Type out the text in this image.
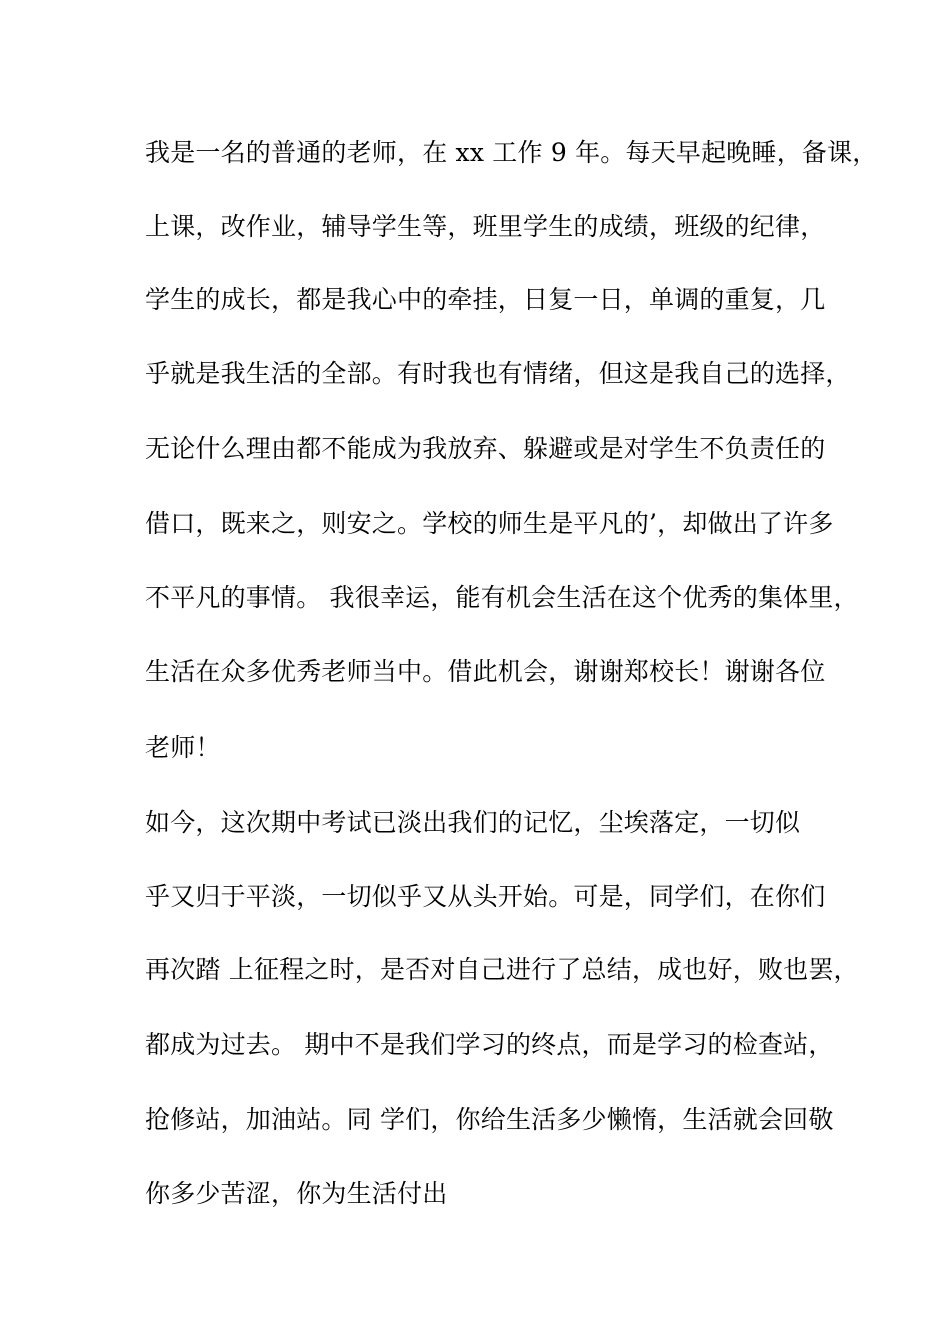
我是一名的普通的老师，在 xx 工作 9 年。每天早起晚睡，备课，

上课，改作业，辅导学生等，班里学生的成绩，班级的纪律，

学生的成长，都是我心中的牵挂，日复一日，单调的重复，几

乎就是我生活的全部。有时我也有情绪，但这是我自己的选择，

无论什么理由都不能成为我放弃、躲避或是对学生不负责任的

借口，既来之，则安之。学校的师生是平凡的’，却做出了许多

不平凡的事情。 我很幸运，能有机会生活在这个优秀的集体里，

生活在众多优秀老师当中。借此机会，谢谢郑校长！谢谢各位

老师！

如今，这次期中考试已淡出我们的记忆，尘埃落定，一切似

乎又归于平淡，一切似乎又从头开始。可是，同学们，在你们

再次踏 上征程之时，是否对自己进行了总结，成也好，败也罢，

都成为过去。 期中不是我们学习的终点，而是学习的检查站，

抢修站，加油站。同 学们，你给生活多少懒惰，生活就会回敬

你多少苦涩，你为生活付出
